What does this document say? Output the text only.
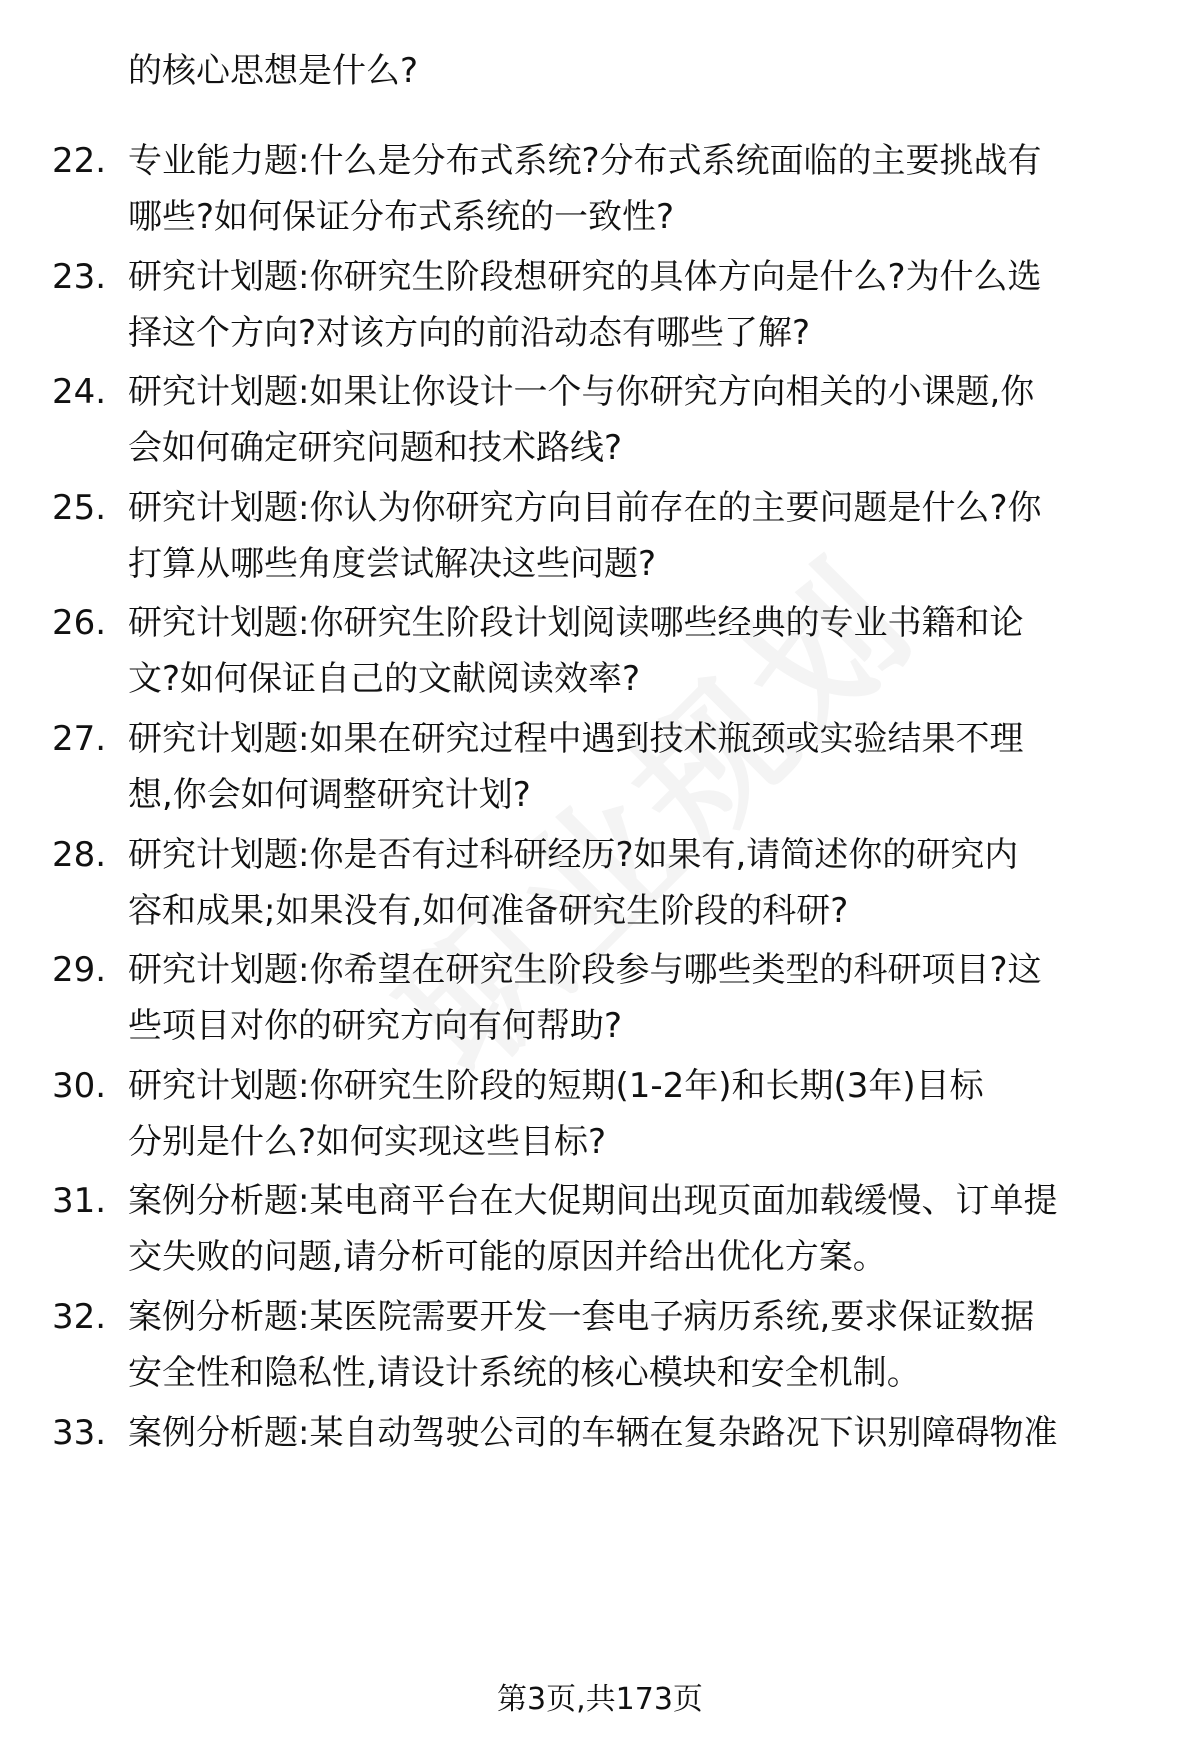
的核心思想是什么?
22. 专业能力题:什么是分布式系统?分布式系统面临的主要挑战有
哪些?如何保证分布式系统的一致性?
23. 研究计划题:你研究生阶段想研究的具体方向是什么?为什么选
择这个方向?对该方向的前沿动态有哪些了解?
24. 研究计划题:如果让你设计一个与你研究方向相关的小课题,你
会如何确定研究问题和技术路线?
25. 研究计划题:你认为你研究方向目前存在的主要问题是什么?你
打算从哪些角度尝试解决这些问题?
26. 研究计划题:你研究生阶段计划阅读哪些经典的专业书籍和论
文?如何保证自己的文献阅读效率?
27. 研究计划题:如果在研究过程中遇到技术瓶颈或实验结果不理
想,你会如何调整研究计划?
28. 研究计划题:你是否有过科研经历?如果有,请简述你的研究内
容和成果;如果没有,如何准备研究生阶段的科研?
29. 研究计划题:你希望在研究生阶段参与哪些类型的科研项目?这
些项目对你的研究方向有何帮助?
30. 研究计划题:你研究生阶段的短期(1-2年)和长期(3年)目标
分别是什么?如何实现这些目标?
31. 案例分析题:某电商平台在大促期间出现页面加载缓慢、订单提
交失败的问题,请分析可能的原因并给出优化方案。
32. 案例分析题:某医院需要开发一套电子病历系统,要求保证数据
安全性和隐私性,请设计系统的核心模块和安全机制。
33. 案例分析题:某自动驾驶公司的车辆在复杂路况下识别障碍物准
第3页,共173页
